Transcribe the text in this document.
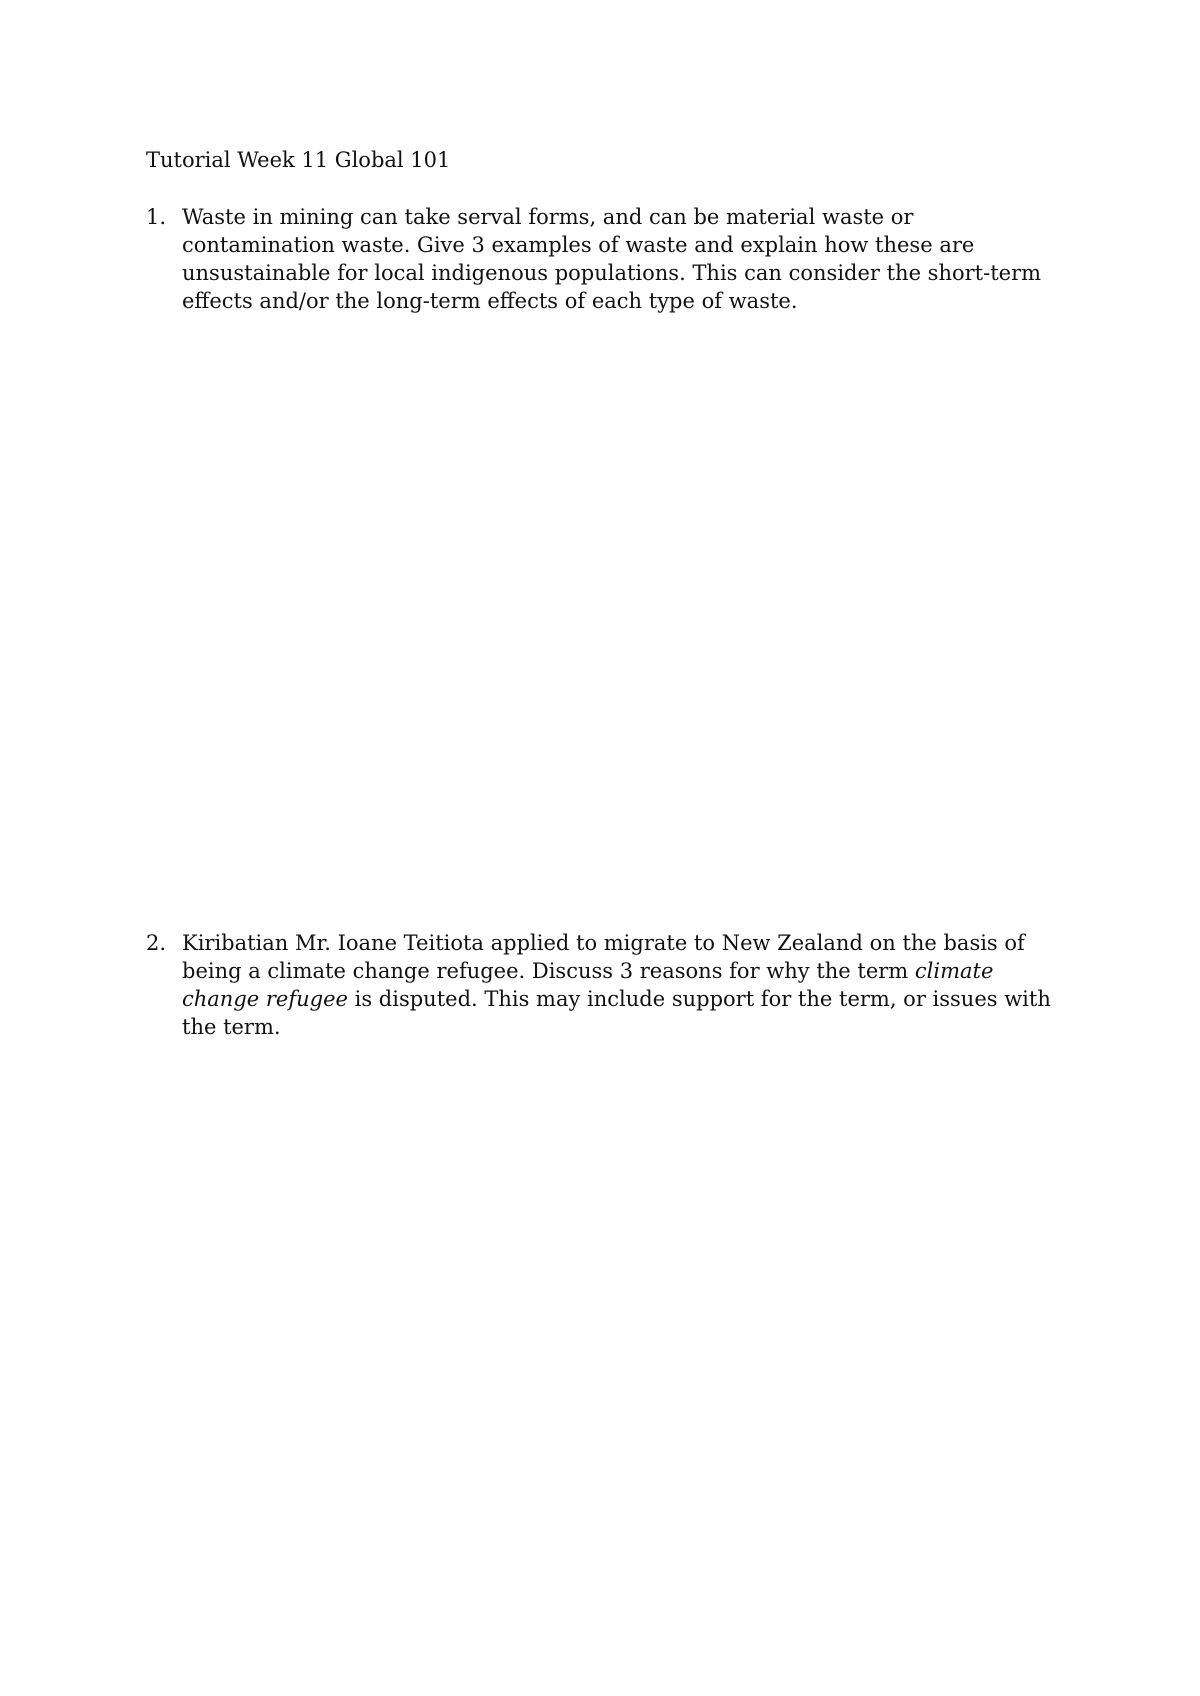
Tutorial Week 11 Global 101
1. Waste in mining can take serval forms, and can be material waste or contamination waste. Give 3 examples of waste and explain how these are unsustainable for local indigenous populations. This can consider the short-term effects and/or the long-term effects of each type of waste.
2. Kiribatian Mr. Ioane Teitiota applied to migrate to New Zealand on the basis of being a climate change refugee. Discuss 3 reasons for why the term climate change refugee is disputed. This may include support for the term, or issues with the term.
